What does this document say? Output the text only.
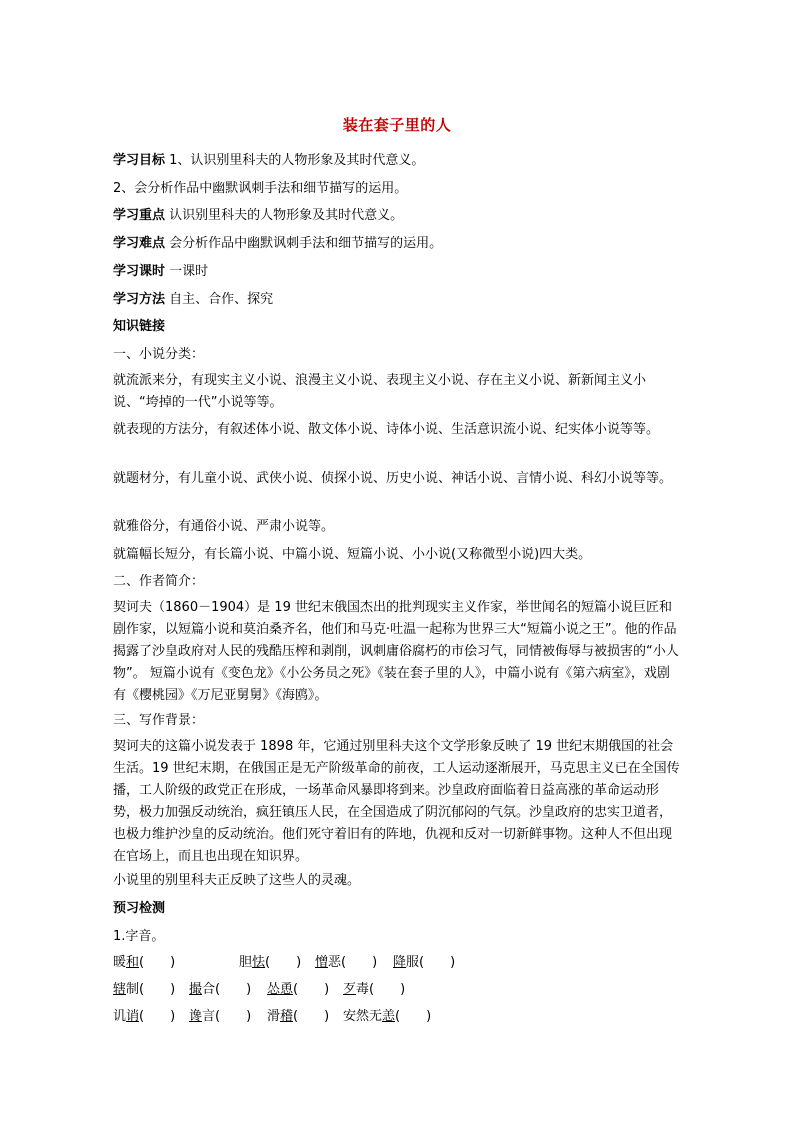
装在套子里的人
学习目标 1、认识别里科夫的人物形象及其时代意义。
2、会分析作品中幽默讽刺手法和细节描写的运用。
学习重点 认识别里科夫的人物形象及其时代意义。
学习难点 会分析作品中幽默讽刺手法和细节描写的运用。
学习课时 一课时
学习方法 自主、合作、探究
知识链接
一、小说分类：
就流派来分，有现实主义小说、浪漫主义小说、表现主义小说、存在主义小说、新新闻主义小说、“垮掉的一代”小说等等。
就表现的方法分，有叙述体小说、散文体小说、诗体小说、生活意识流小说、纪实体小说等等。
就题材分，有儿童小说、武侠小说、侦探小说、历史小说、神话小说、言情小说、科幻小说等等。
就雅俗分，有通俗小说、严肃小说等。
就篇幅长短分，有长篇小说、中篇小说、短篇小说、小小说(又称微型小说)四大类。
二、作者简介：
契诃夫（1860－1904）是 19 世纪末俄国杰出的批判现实主义作家，举世闻名的短篇小说巨匠和剧作家，以短篇小说和莫泊桑齐名，他们和马克·吐温一起称为世界三大“短篇小说之王”。他的作品揭露了沙皇政府对人民的残酷压榨和剥削，讽刺庸俗腐朽的市侩习气，同情被侮辱与被损害的“小人物”。 短篇小说有《变色龙》《小公务员之死》《装在套子里的人》，中篇小说有《第六病室》，戏剧有《樱桃园》《万尼亚舅舅》《海鸥》。
三、写作背景：
契诃夫的这篇小说发表于 1898 年，它通过别里科夫这个文学形象反映了 19 世纪末期俄国的社会生活。19 世纪末期，在俄国正是无产阶级革命的前夜，工人运动逐渐展开，马克思主义已在全国传播，工人阶级的政党正在形成，一场革命风暴即将到来。沙皇政府面临着日益高涨的革命运动形势，极力加强反动统治，疯狂镇压人民，在全国造成了阴沉郁闷的气氛。沙皇政府的忠实卫道者，也极力维护沙皇的反动统治。他们死守着旧有的阵地，仇视和反对一切新鲜事物。这种人不但出现在官场上，而且也出现在知识界。
小说里的别里科夫正反映了这些人的灵魂。
预习检测
1.字音。
暖和(　　)	胆怯(　　) 憎恶(　　) 降服(　　)
辖制(　　) 撮合(　　) 怂恿(　　) 歹毒(　　)
讥诮(　　) 谗言(　　) 滑稽(　　) 安然无恙(　　)
